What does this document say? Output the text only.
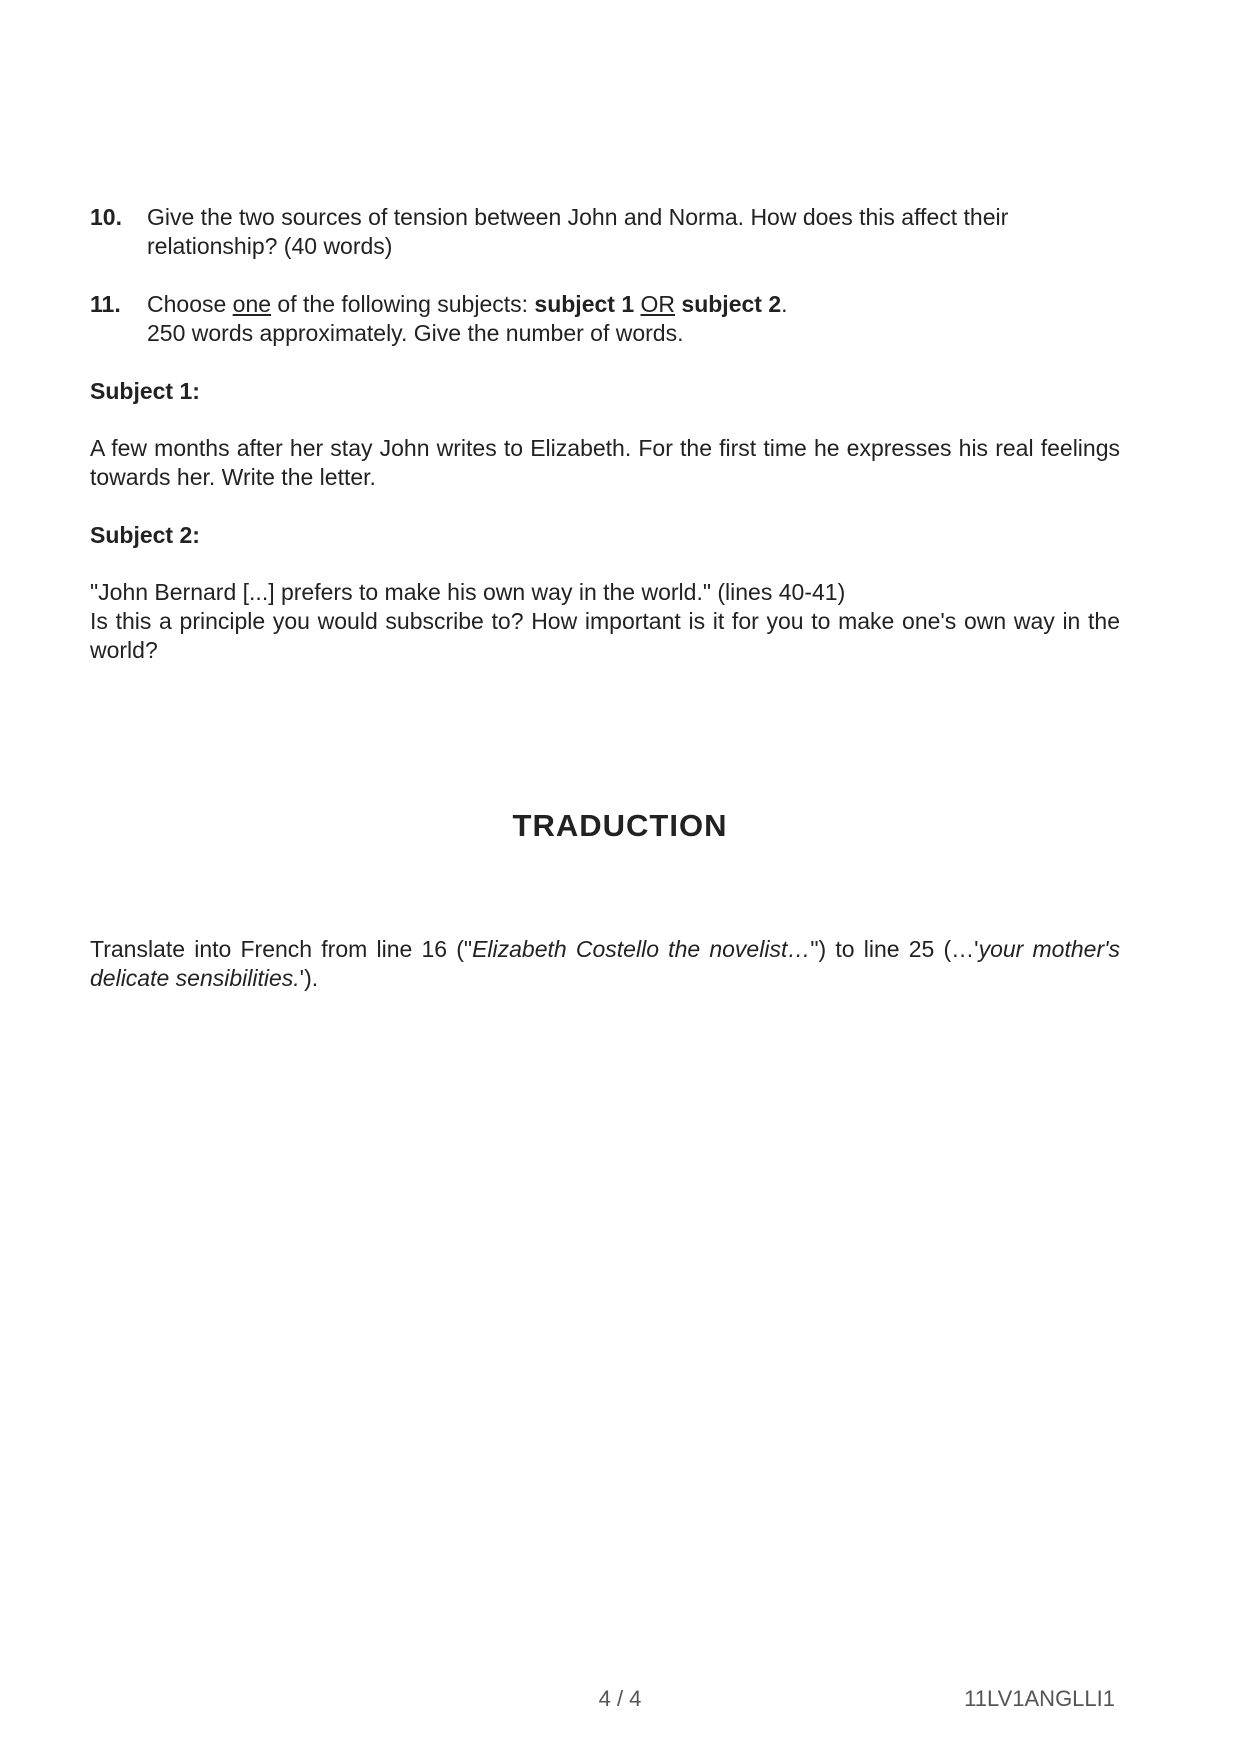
10. Give the two sources of tension between John and Norma. How does this affect their relationship? (40 words)
11. Choose one of the following subjects: subject 1 OR subject 2.
250 words approximately. Give the number of words.
Subject 1:
A few months after her stay John writes to Elizabeth. For the first time he expresses his real feelings towards her. Write the letter.
Subject 2:
"John Bernard [...] prefers to make his own way in the world." (lines 40-41)
Is this a principle you would subscribe to? How important is it for you to make one's own way in the world?
TRADUCTION
Translate into French from line 16 ("Elizabeth Costello the novelist…") to line 25 (…'your mother's delicate sensibilities.').
4 / 4	11LV1ANGLLI1
